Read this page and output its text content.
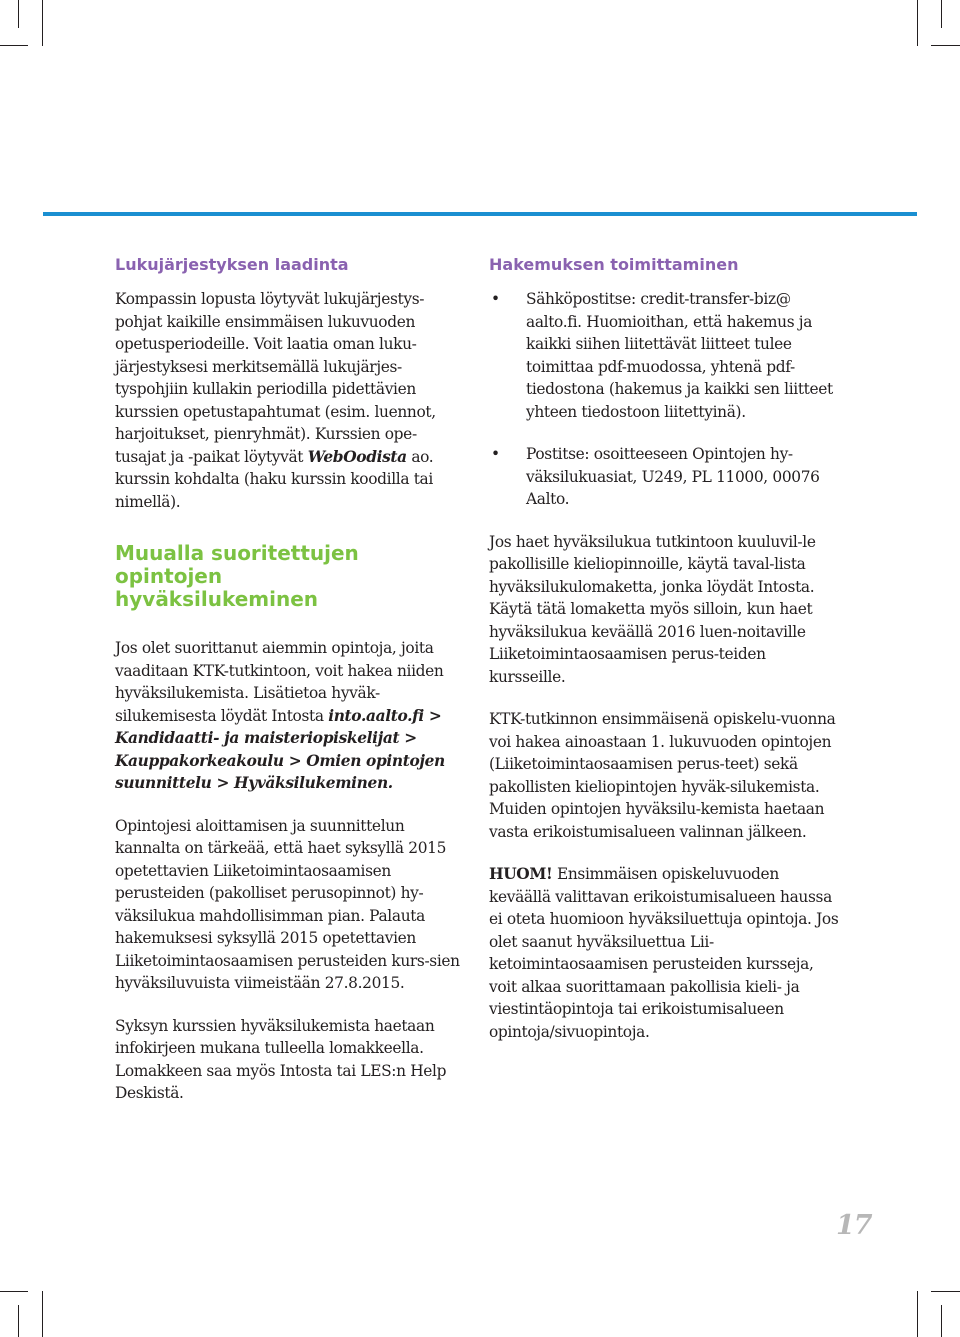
Lukujärjestyksen laadinta

Kompassin lopusta löytyvät lukujärjestys-pohjat kaikille ensimmäisen lukuvuoden opetusperiodeille. Voit laatia oman luku-järjestyksesi merkitsemällä lukujärjes-tyspohjiin kullakin periodilla pidettävien kurssien opetustapahtumat (esim. luennot, harjoitukset, pienryhmät). Kurssien ope-tusajat ja -paikat löytyvät WebOodista ao. kurssin kohdalta (haku kurssin koodilla tai nimellä).

Muualla suoritettujen opintojen
hyväksilukeminen

Jos olet suorittanut aiemmin opintoja, joita vaaditaan KTK-tutkintoon, voit hakea niiden hyväksilukemista. Lisätietoa hyväk-silukemisesta löydät Intosta into.aalto.fi > Kandidaatti- ja maisteriopiskelijat > Kauppakorkeakoulu > Omien opintojen suunnittelu > Hyväksilukeminen.

Opintojesi aloittamisen ja suunnittelun kannalta on tärkeää, että haet syksyllä 2015 opetettavien Liiketoimintaosaamisen perusteiden (pakolliset perusopinnot) hy-väksilukua mahdollisimman pian. Palauta hakemuksesi syksyllä 2015 opetettavien Liiketoimintaosaamisen perusteiden kurs-sien hyväksiluvuista viimeistään 27.8.2015.

Syksyn kurssien hyväksilukemista haetaan infokirjeen mukana tulleella lomakkeella. Lomakkeen saa myös Intosta tai LES:n Help Deskistä.

Hakemuksen toimittaminen
• Sähköpostitse: credit-transfer-biz@ aalto.fi. Huomioithan, että hakemus ja kaikki siihen liitettävät liitteet tulee toimittaa pdf-muodossa, yhtenä pdf-tiedostona (hakemus ja kaikki sen liitteet yhteen tiedostoon liitettyinä).
• Postitse: osoitteeseen Opintojen hy-väksilukuasiat, U249, PL 11000, 00076 Aalto.

Jos haet hyväksilukua tutkintoon kuuluvil-le pakollisille kieliopinnoille, käytä taval-lista hyväksilukulomaketta, jonka löydät Intosta. Käytä tätä lomaketta myös silloin, kun haet hyväksilukua keväällä 2016 luen-noitaville Liiketoimintaosaamisen perus-teiden kursseille.

KTK-tutkinnon ensimmäisenä opiskelu-vuonna voi hakea ainoastaan 1. lukuvuoden opintojen (Liiketoimintaosaamisen perus-teet) sekä pakollisten kieliopintojen hyväk-silukemista. Muiden opintojen hyväksilu-kemista haetaan vasta erikoistumisalueen valinnan jälkeen.

HUOM! Ensimmäisen opiskeluvuoden keväällä valittavan erikoistumisalueen haussa ei oteta huomioon hyväksiluettuja opintoja. Jos olet saanut hyväksiluettua Lii-ketoimintaosaamisen perusteiden kursseja, voit alkaa suorittamaan pakollisia kieli- ja viestintäopintoja tai erikoistumisalueen opintoja/sivuopintoja.

17
